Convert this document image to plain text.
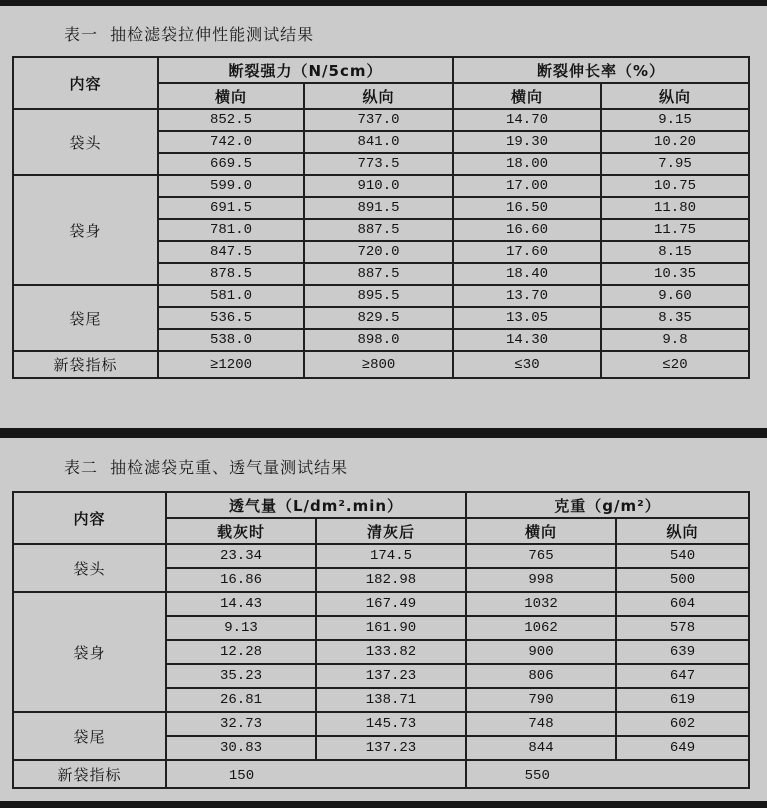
表一  抽检滤袋拉伸性能测试结果
内容	断裂强力（N/5cm）		断裂伸长率（%）	
	横向	纵向	横向	纵向
袋头	852.5	737.0	14.70	9.15
	742.0	841.0	19.30	10.20
	669.5	773.5	18.00	7.95
袋身	599.0	910.0	17.00	10.75
	691.5	891.5	16.50	11.80
	781.0	887.5	16.60	11.75
	847.5	720.0	17.60	8.15
	878.5	887.5	18.40	10.35
袋尾	581.0	895.5	13.70	9.60
	536.5	829.5	13.05	8.35
	538.0	898.0	14.30	9.8
新袋指标	≥1200	≥800	≤30	≤20
表二  抽检滤袋克重、透气量测试结果
内容	透气量（L/dm².min）		克重（g/m²）	
	载灰时	清灰后	横向	纵向
袋头	23.34	174.5	765	540
	16.86	182.98	998	500
袋身	14.43	167.49	1032	604
	9.13	161.90	1062	578
	12.28	133.82	900	639
	35.23	137.23	806	647
	26.81	138.71	790	619
袋尾	32.73	145.73	748	602
	30.83	137.23	844	649
新袋指标	150		550	
